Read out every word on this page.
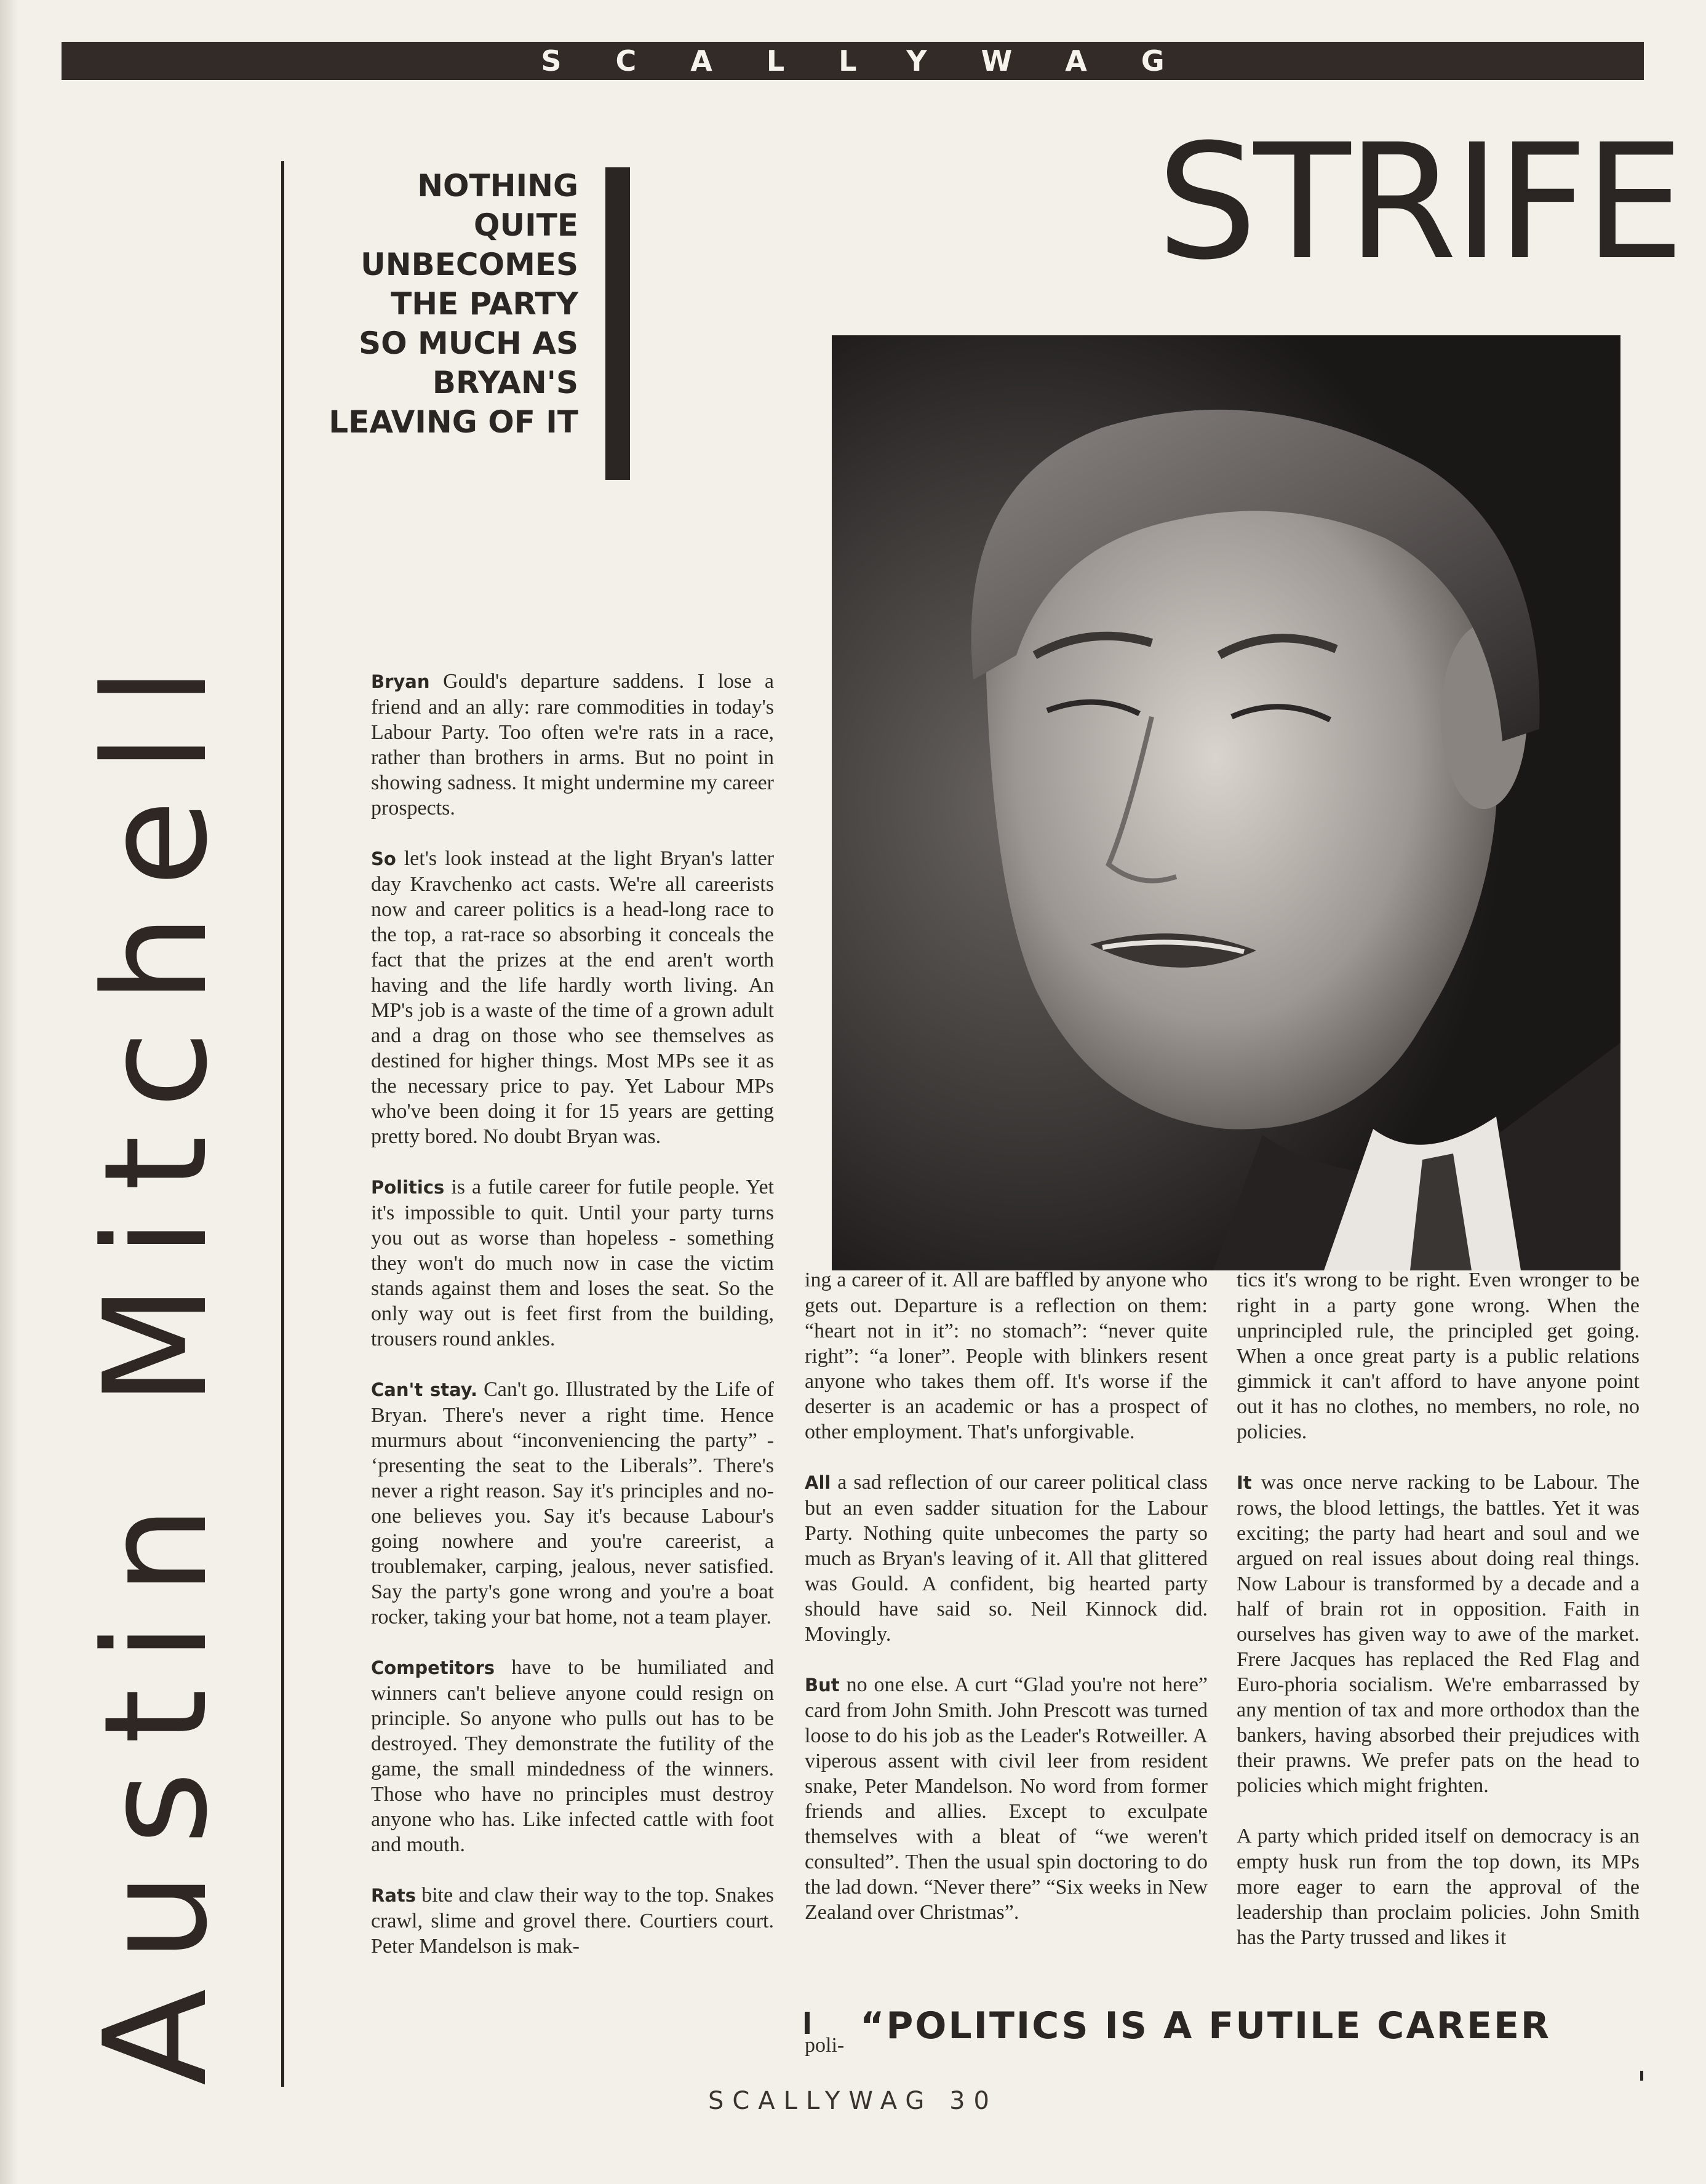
SCALLYWAG
Austin Mitchell
NOTHING
QUITE
UNBECOMES
THE PARTY
SO MUCH AS
BRYAN'S
LEAVING OF IT
STRIFE

Bryan Gould's departure saddens. I lose a friend and an ally: rare commodities in today's Labour Party. Too often we're rats in a race, rather than brothers in arms. But no point in showing sadness. It might undermine my career prospects.

So let's look instead at the light Bryan's latter day Kravchenko act casts. We're all careerists now and career politics is a head-long race to the top, a rat-race so absorbing it conceals the fact that the prizes at the end aren't worth having and the life hardly worth living. An MP's job is a waste of the time of a grown adult and a drag on those who see themselves as destined for higher things. Most MPs see it as the necessary price to pay. Yet Labour MPs who've been doing it for 15 years are getting pretty bored. No doubt Bryan was.

Politics is a futile career for futile people. Yet it's impossible to quit. Until your party turns you out as worse than hopeless - something they won't do much now in case the victim stands against them and loses the seat. So the only way out is feet first from the building, trousers round ankles.

Can't stay. Can't go. Illustrated by the Life of Bryan. There's never a right time. Hence murmurs about “inconveniencing the party” - ‘presenting the seat to the Liberals”. There's never a right reason. Say it's principles and no-one believes you. Say it's because Labour's going nowhere and you're careerist, a troublemaker, carping, jealous, never satisfied. Say the party's gone wrong and you're a boat rocker, taking your bat home, not a team player.

Competitors have to be humiliated and winners can't believe anyone could resign on principle. So anyone who pulls out has to be destroyed. They demonstrate the futility of the game, the small mindedness of the winners. Those who have no principles must destroy anyone who has. Like infected cattle with foot and mouth.

Rats bite and claw their way to the top. Snakes crawl, slime and grovel there. Courtiers court. Peter Mandelson is mak-

ing a career of it. All are baffled by anyone who gets out. Departure is a reflection on them: “heart not in it”: no stomach”: “never quite right”: “a loner”. People with blinkers resent anyone who takes them off. It's worse if the deserter is an academic or has a prospect of other employment. That's unforgivable.

All a sad reflection of our career political class but an even sadder situation for the Labour Party. Nothing quite unbecomes the party so much as Bryan's leaving of it. All that glittered was Gould. A confident, big hearted party should have said so. Neil Kinnock did. Movingly.

But no one else. A curt “Glad you're not here” card from John Smith. John Prescott was turned loose to do his job as the Leader's Rotweiller. A viperous assent with civil leer from resident snake, Peter Mandelson. No word from former friends and allies. Except to exculpate themselves with a bleat of “we weren't consulted”. Then the usual spin doctoring to do the lad down. “Never there” “Six weeks in New Zealand over Christmas”.

tics it's wrong to be right. Even wronger to be right in a party gone wrong. When the unprincipled rule, the principled get going. When a once great party is a public relations gimmick it can't afford to have anyone point out it has no clothes, no members, no role, no policies.

It was once nerve racking to be Labour. The rows, the blood lettings, the battles. Yet it was exciting; the party had heart and soul and we argued on real issues about doing real things. Now Labour is transformed by a decade and a half of brain rot in opposition. Faith in ourselves has given way to awe of the market. Frere Jacques has replaced the Red Flag and Euro-phoria socialism. We're embarrassed by any mention of tax and more orthodox than the bankers, having absorbed their prejudices with their prawns. We prefer pats on the head to policies which might frighten.

A party which prided itself on democracy is an empty husk run from the top down, its MPs more eager to earn the approval of the leadership than proclaim policies. John Smith has the Party trussed and likes it

poli- “POLITICS IS A FUTILE CAREER
SCALLYWAG 30
